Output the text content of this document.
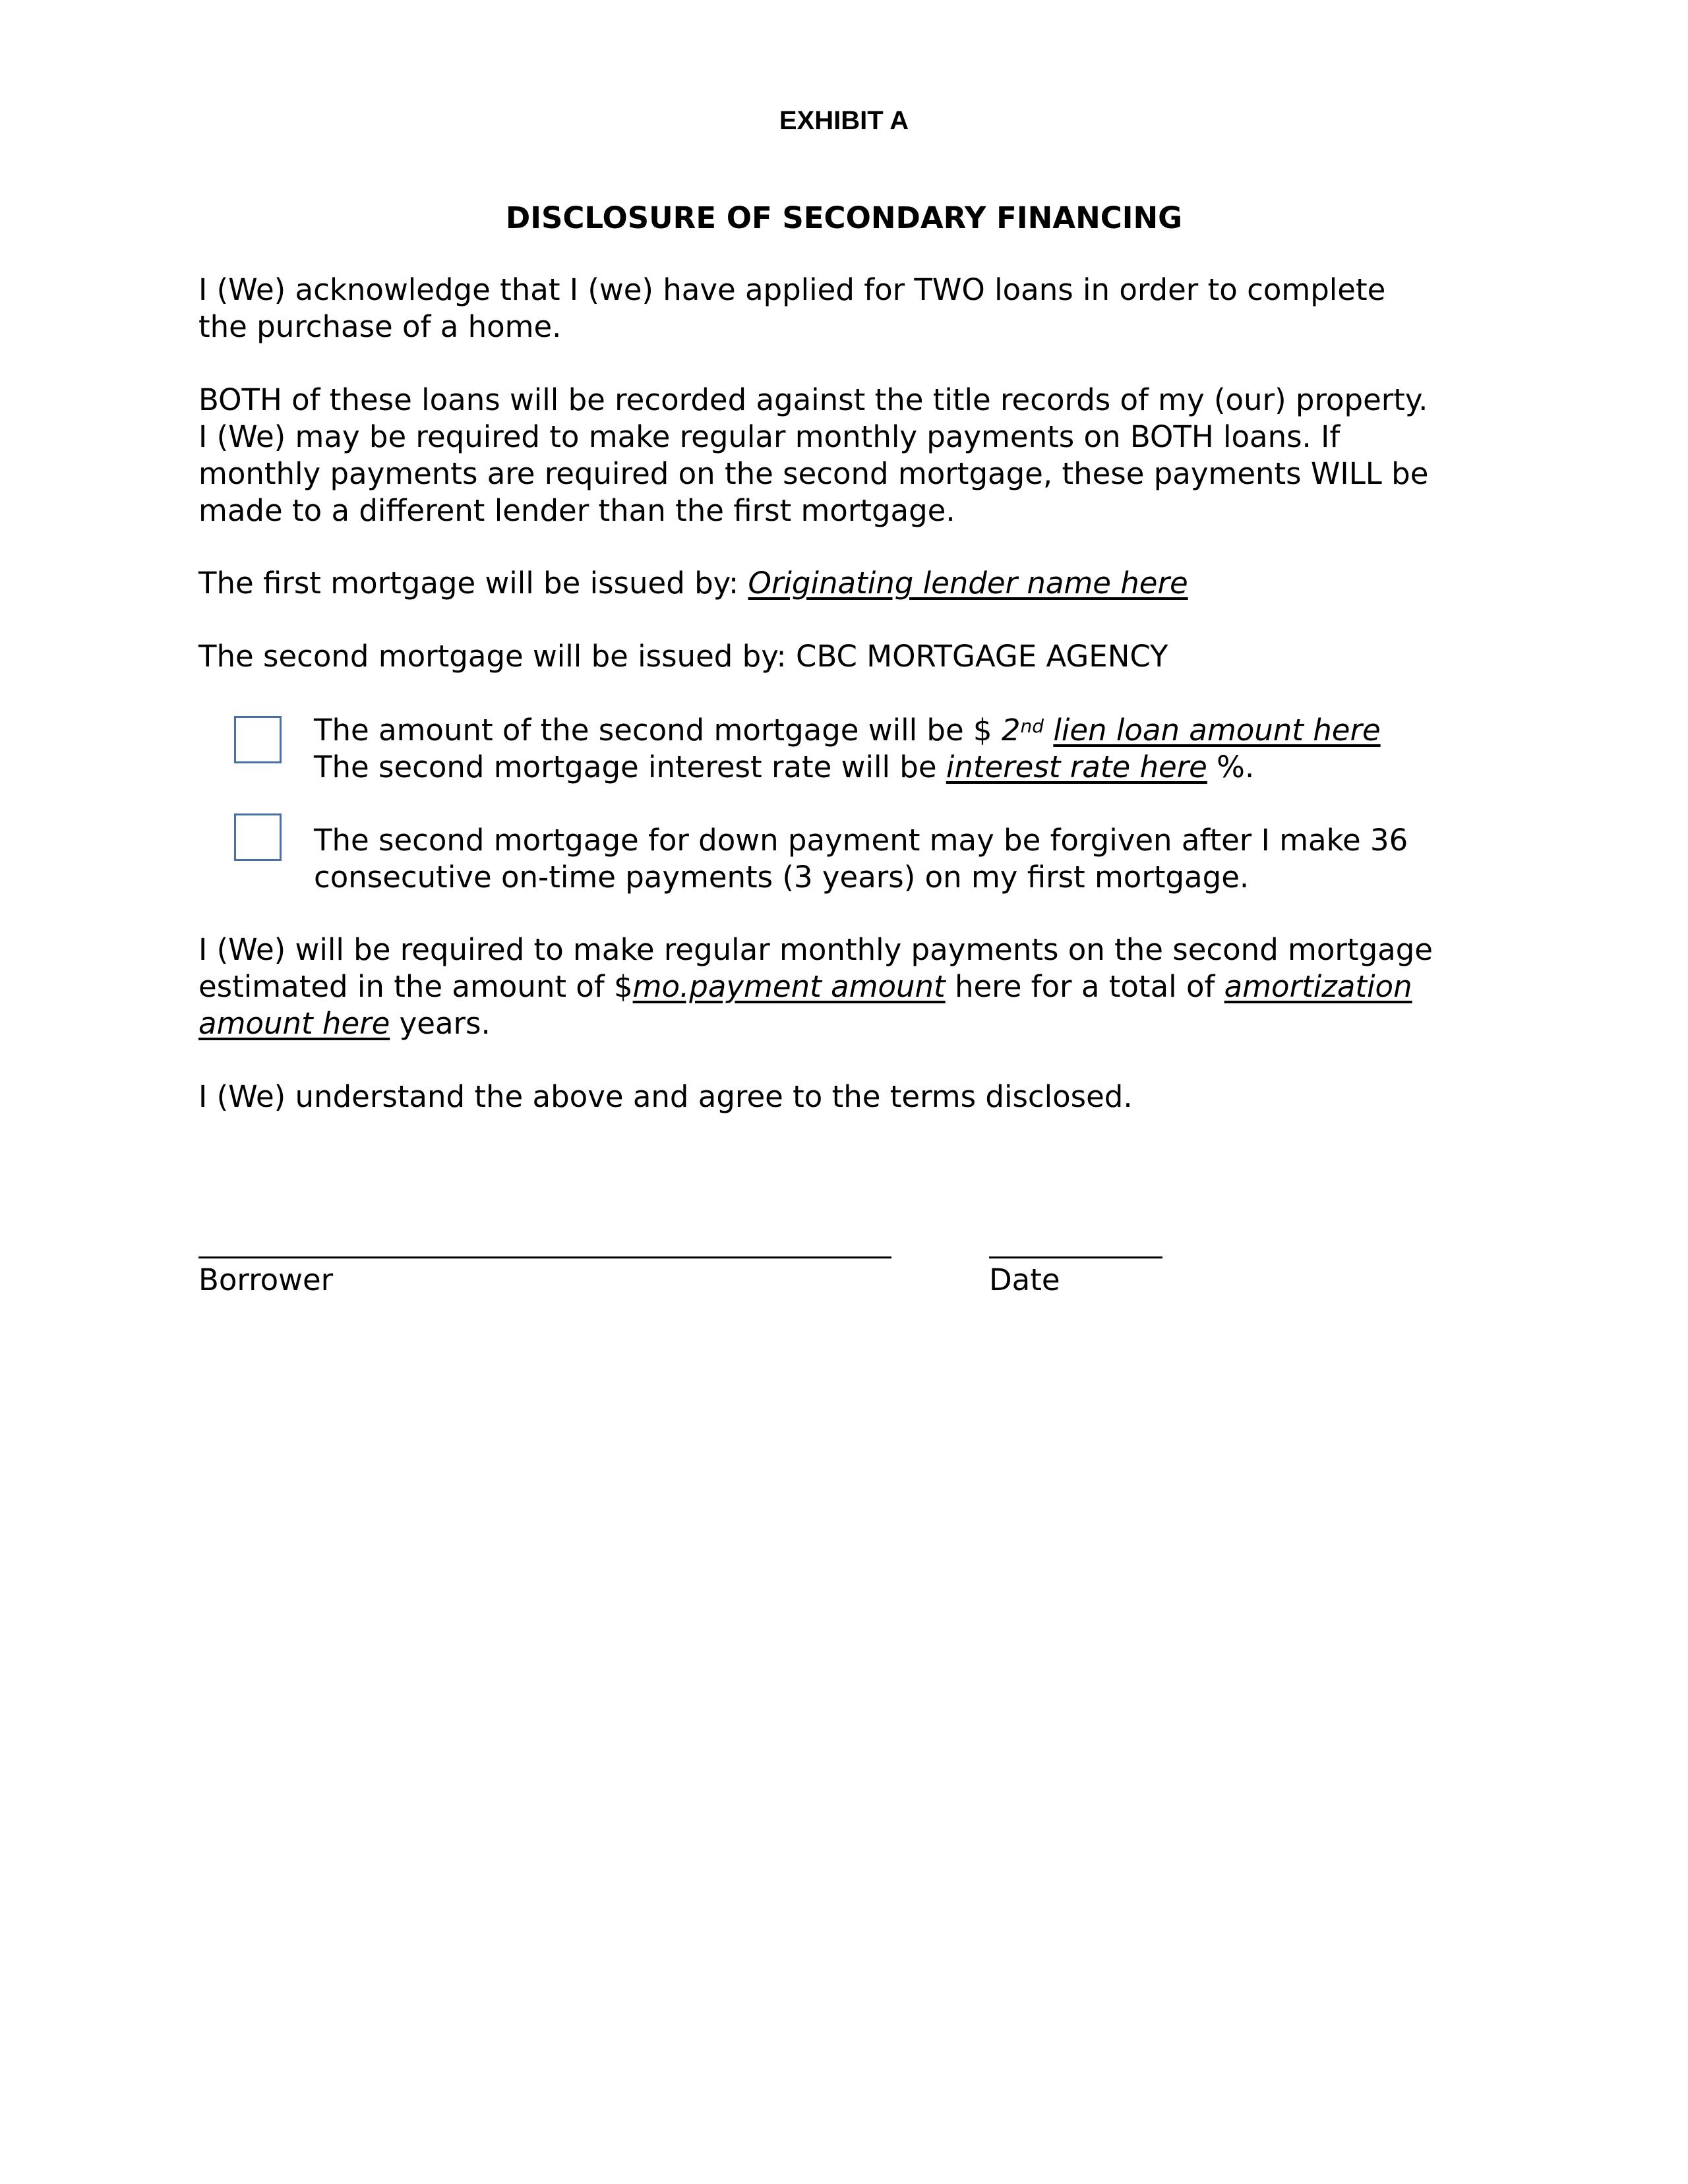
EXHIBIT A
DISCLOSURE OF SECONDARY FINANCING
I (We) acknowledge that I (we) have applied for TWO loans in order to complete
the purchase of a home.
BOTH of these loans will be recorded against the title records of my (our) property.
I (We) may be required to make regular monthly payments on BOTH loans. If
monthly payments are required on the second mortgage, these payments WILL be
made to a different lender than the first mortgage.
The first mortgage will be issued by: Originating lender name here
The second mortgage will be issued by: CBC MORTGAGE AGENCY
The amount of the second mortgage will be $ 2nd lien loan amount here
The second mortgage interest rate will be interest rate here %.
The second mortgage for down payment may be forgiven after I make 36
consecutive on-time payments (3 years) on my first mortgage.
I (We) will be required to make regular monthly payments on the second mortgage
estimated in the amount of $mo.payment amount here for a total of amortization
amount here years.
I (We) understand the above and agree to the terms disclosed.
Borrower	Date
